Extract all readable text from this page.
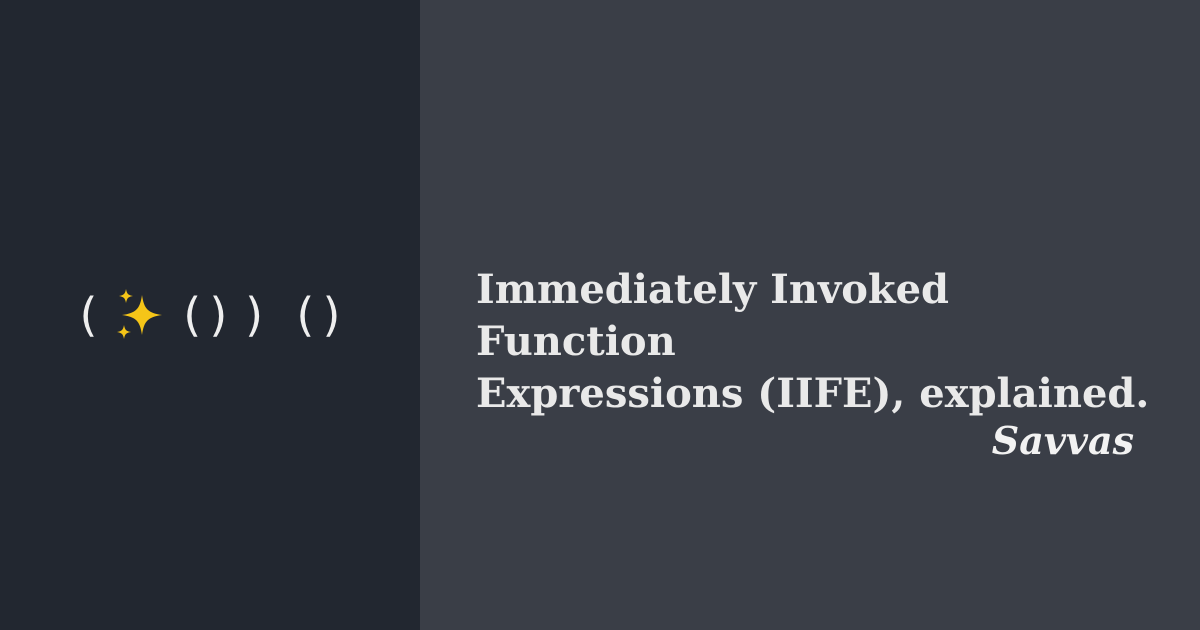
( () ) ()	Immediately Invoked Function
Expressions (IIFE), explained.
Savvas
